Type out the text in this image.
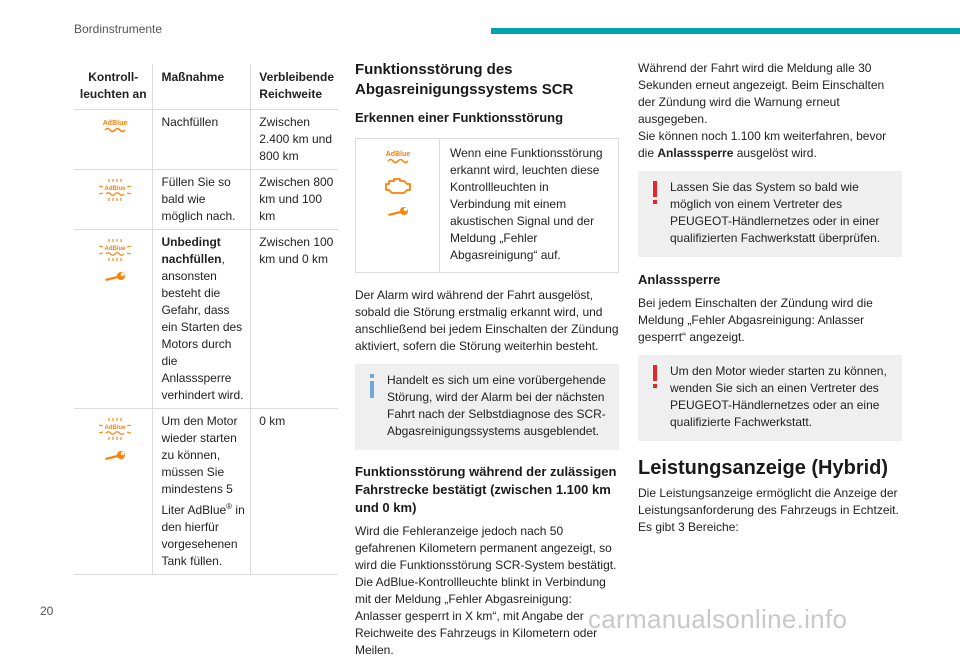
Bordinstrumente
Kontroll-leuchten an	Maßnahme	Verbleibende Reichweite

AdBlue	Nachfüllen	Zwischen 2.400 km und 800 km

AdBlue	Füllen Sie so bald wie möglich nach.	Zwischen 800 km und 100 km

AdBlue	Unbedingt nachfüllen, ansonsten besteht die Gefahr, dass ein Starten des Motors durch die Anlasssperre verhindert wird.	Zwischen 100 km und 0 km

AdBlue	Um den Motor wieder starten zu können, müssen Sie mindestens 5 Liter AdBlue® in den hierfür vorgesehenen Tank füllen.	0 km
Funktionsstörung des Abgasreinigungssystems SCR
Erkennen einer Funktionsstörung
AdBlue	Wenn eine Funktionsstörung erkannt wird, leuchten diese Kontrollleuchten in Verbindung mit einem akustischen Signal und der Meldung „Fehler Abgasreinigung“ auf.

Der Alarm wird während der Fahrt ausgelöst, sobald die Störung erstmalig erkannt wird, und anschließend bei jedem Einschalten der Zündung aktiviert, sofern die Störung weiterhin besteht.

Handelt es sich um eine vorübergehende Störung, wird der Alarm bei der nächsten Fahrt nach der Selbstdiagnose des SCR-Abgasreinigungssystems ausgeblendet.

Funktionsstörung während der zulässigen Fahrstrecke bestätigt (zwischen 1.100 km und 0 km)

Wird die Fehleranzeige jedoch nach 50 gefahrenen Kilometern permanent angezeigt, so wird die Funktionsstörung SCR-System bestätigt.

Die AdBlue-Kontrollleuchte blinkt in Verbindung mit der Meldung „Fehler Abgasreinigung: Anlasser gesperrt in X km“, mit Angabe der Reichweite des Fahrzeugs in Kilometern oder Meilen.

Während der Fahrt wird die Meldung alle 30 Sekunden erneut angezeigt. Beim Einschalten der Zündung wird die Warnung erneut ausgegeben.

Sie können noch 1.100 km weiterfahren, bevor die Anlasssperre ausgelöst wird.

Lassen Sie das System so bald wie möglich von einem Vertreter des PEUGEOT-Händlernetzes oder in einer qualifizierten Fachwerkstatt überprüfen.

Anlasssperre

Bei jedem Einschalten der Zündung wird die Meldung „Fehler Abgasreinigung: Anlasser gesperrt“ angezeigt.

Um den Motor wieder starten zu können, wenden Sie sich an einen Vertreter des PEUGEOT-Händlernetzes oder an eine qualifizierte Fachwerkstatt.

Leistungsanzeige (Hybrid)

Die Leistungsanzeige ermöglicht die Anzeige der Leistungsanforderung des Fahrzeugs in Echtzeit.

Es gibt 3 Bereiche:

20	carmanualsonline.info
